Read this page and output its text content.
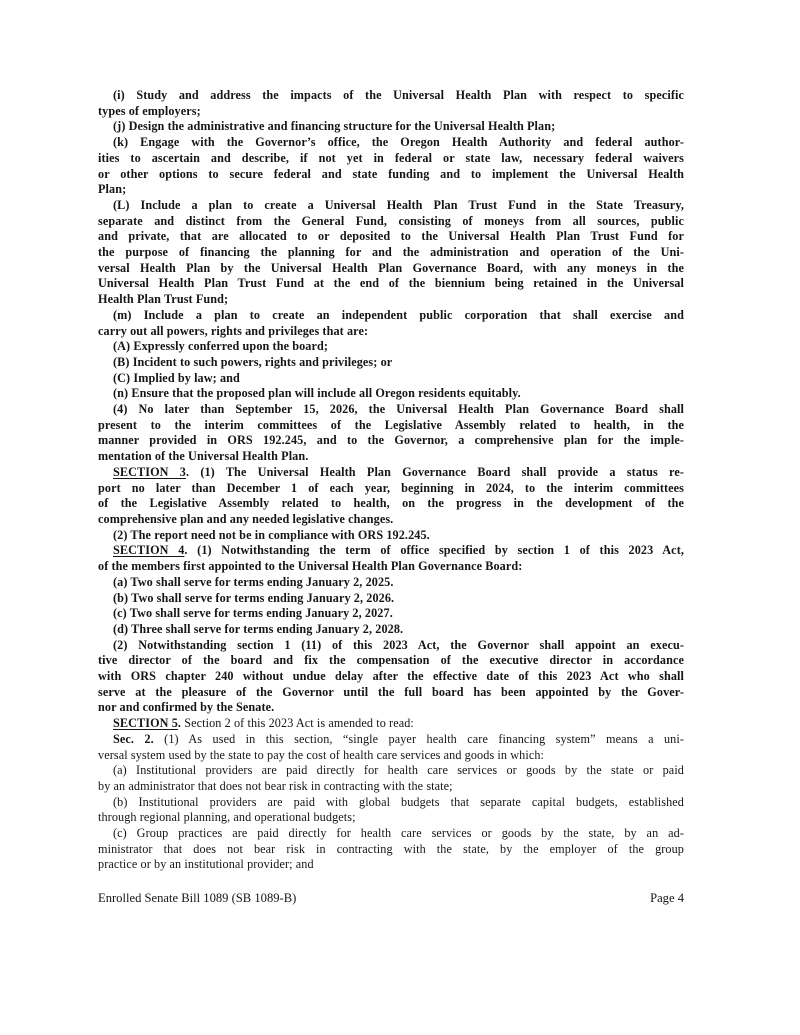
(i) Study and address the impacts of the Universal Health Plan with respect to specific
types of employers;
(j) Design the administrative and financing structure for the Universal Health Plan;
(k) Engage with the Governor’s office, the Oregon Health Authority and federal author-
ities to ascertain and describe, if not yet in federal or state law, necessary federal waivers
or other options to secure federal and state funding and to implement the Universal Health
Plan;
(L) Include a plan to create a Universal Health Plan Trust Fund in the State Treasury,
separate and distinct from the General Fund, consisting of moneys from all sources, public
and private, that are allocated to or deposited to the Universal Health Plan Trust Fund for
the purpose of financing the planning for and the administration and operation of the Uni-
versal Health Plan by the Universal Health Plan Governance Board, with any moneys in the
Universal Health Plan Trust Fund at the end of the biennium being retained in the Universal
Health Plan Trust Fund;
(m) Include a plan to create an independent public corporation that shall exercise and
carry out all powers, rights and privileges that are:
(A) Expressly conferred upon the board;
(B) Incident to such powers, rights and privileges; or
(C) Implied by law; and
(n) Ensure that the proposed plan will include all Oregon residents equitably.
(4) No later than September 15, 2026, the Universal Health Plan Governance Board shall
present to the interim committees of the Legislative Assembly related to health, in the
manner provided in ORS 192.245, and to the Governor, a comprehensive plan for the imple-
mentation of the Universal Health Plan.
SECTION 3. (1) The Universal Health Plan Governance Board shall provide a status re-
port no later than December 1 of each year, beginning in 2024, to the interim committees
of the Legislative Assembly related to health, on the progress in the development of the
comprehensive plan and any needed legislative changes.
(2) The report need not be in compliance with ORS 192.245.
SECTION 4. (1) Notwithstanding the term of office specified by section 1 of this 2023 Act,
of the members first appointed to the Universal Health Plan Governance Board:
(a) Two shall serve for terms ending January 2, 2025.
(b) Two shall serve for terms ending January 2, 2026.
(c) Two shall serve for terms ending January 2, 2027.
(d) Three shall serve for terms ending January 2, 2028.
(2) Notwithstanding section 1 (11) of this 2023 Act, the Governor shall appoint an execu-
tive director of the board and fix the compensation of the executive director in accordance
with ORS chapter 240 without undue delay after the effective date of this 2023 Act who shall
serve at the pleasure of the Governor until the full board has been appointed by the Gover-
nor and confirmed by the Senate.
SECTION 5. Section 2 of this 2023 Act is amended to read:
Sec. 2. (1) As used in this section, “single payer health care financing system” means a uni-
versal system used by the state to pay the cost of health care services and goods in which:
(a) Institutional providers are paid directly for health care services or goods by the state or paid
by an administrator that does not bear risk in contracting with the state;
(b) Institutional providers are paid with global budgets that separate capital budgets, established
through regional planning, and operational budgets;
(c) Group practices are paid directly for health care services or goods by the state, by an ad-
ministrator that does not bear risk in contracting with the state, by the employer of the group
practice or by an institutional provider; and
Enrolled Senate Bill 1089 (SB 1089-B)	Page 4
